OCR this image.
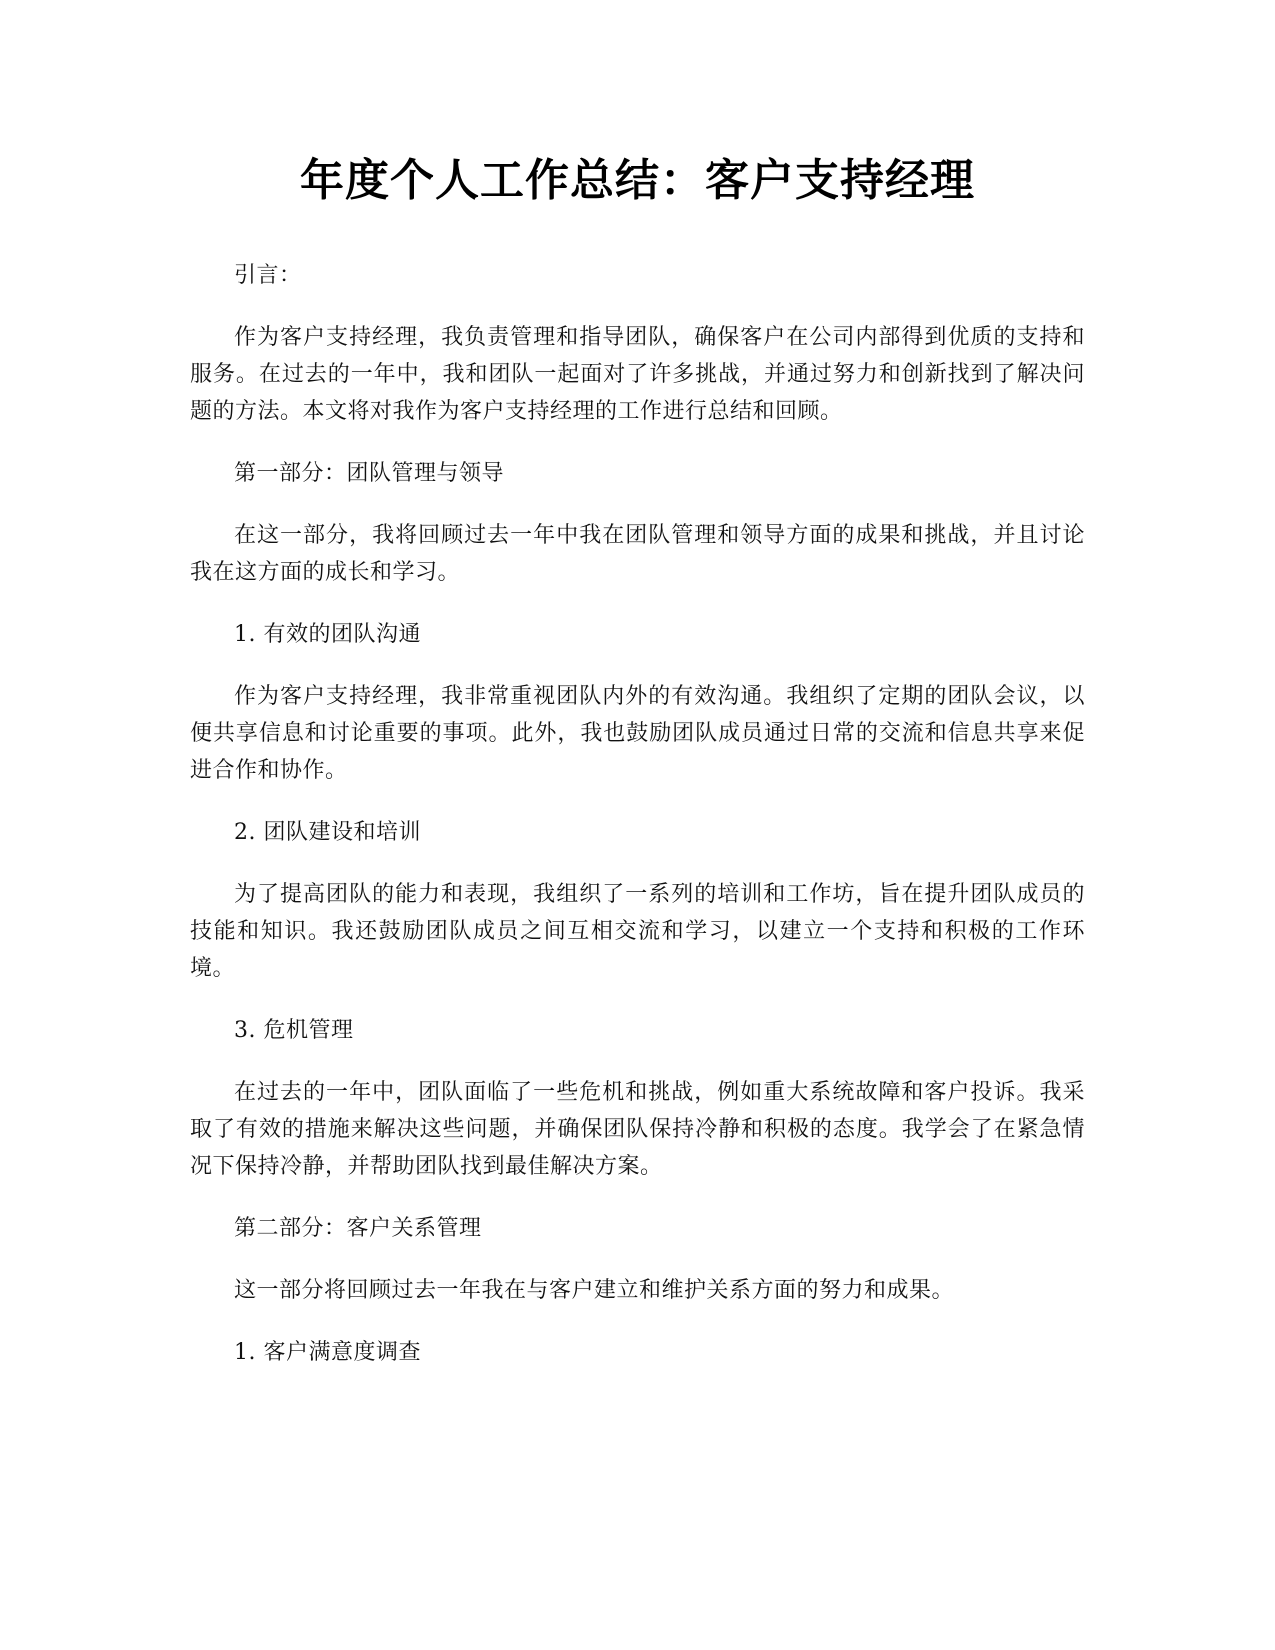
年度个人工作总结：客户支持经理

引言：

作为客户支持经理，我负责管理和指导团队，确保客户在公司内部得到优质的支持和服务。在过去的一年中，我和团队一起面对了许多挑战，并通过努力和创新找到了解决问题的方法。本文将对我作为客户支持经理的工作进行总结和回顾。

第一部分：团队管理与领导

在这一部分，我将回顾过去一年中我在团队管理和领导方面的成果和挑战，并且讨论我在这方面的成长和学习。

1. 有效的团队沟通

作为客户支持经理，我非常重视团队内外的有效沟通。我组织了定期的团队会议，以便共享信息和讨论重要的事项。此外，我也鼓励团队成员通过日常的交流和信息共享来促进合作和协作。

2. 团队建设和培训

为了提高团队的能力和表现，我组织了一系列的培训和工作坊，旨在提升团队成员的技能和知识。我还鼓励团队成员之间互相交流和学习，以建立一个支持和积极的工作环境。

3. 危机管理

在过去的一年中，团队面临了一些危机和挑战，例如重大系统故障和客户投诉。我采取了有效的措施来解决这些问题，并确保团队保持冷静和积极的态度。我学会了在紧急情况下保持冷静，并帮助团队找到最佳解决方案。

第二部分：客户关系管理

这一部分将回顾过去一年我在与客户建立和维护关系方面的努力和成果。

1. 客户满意度调查
